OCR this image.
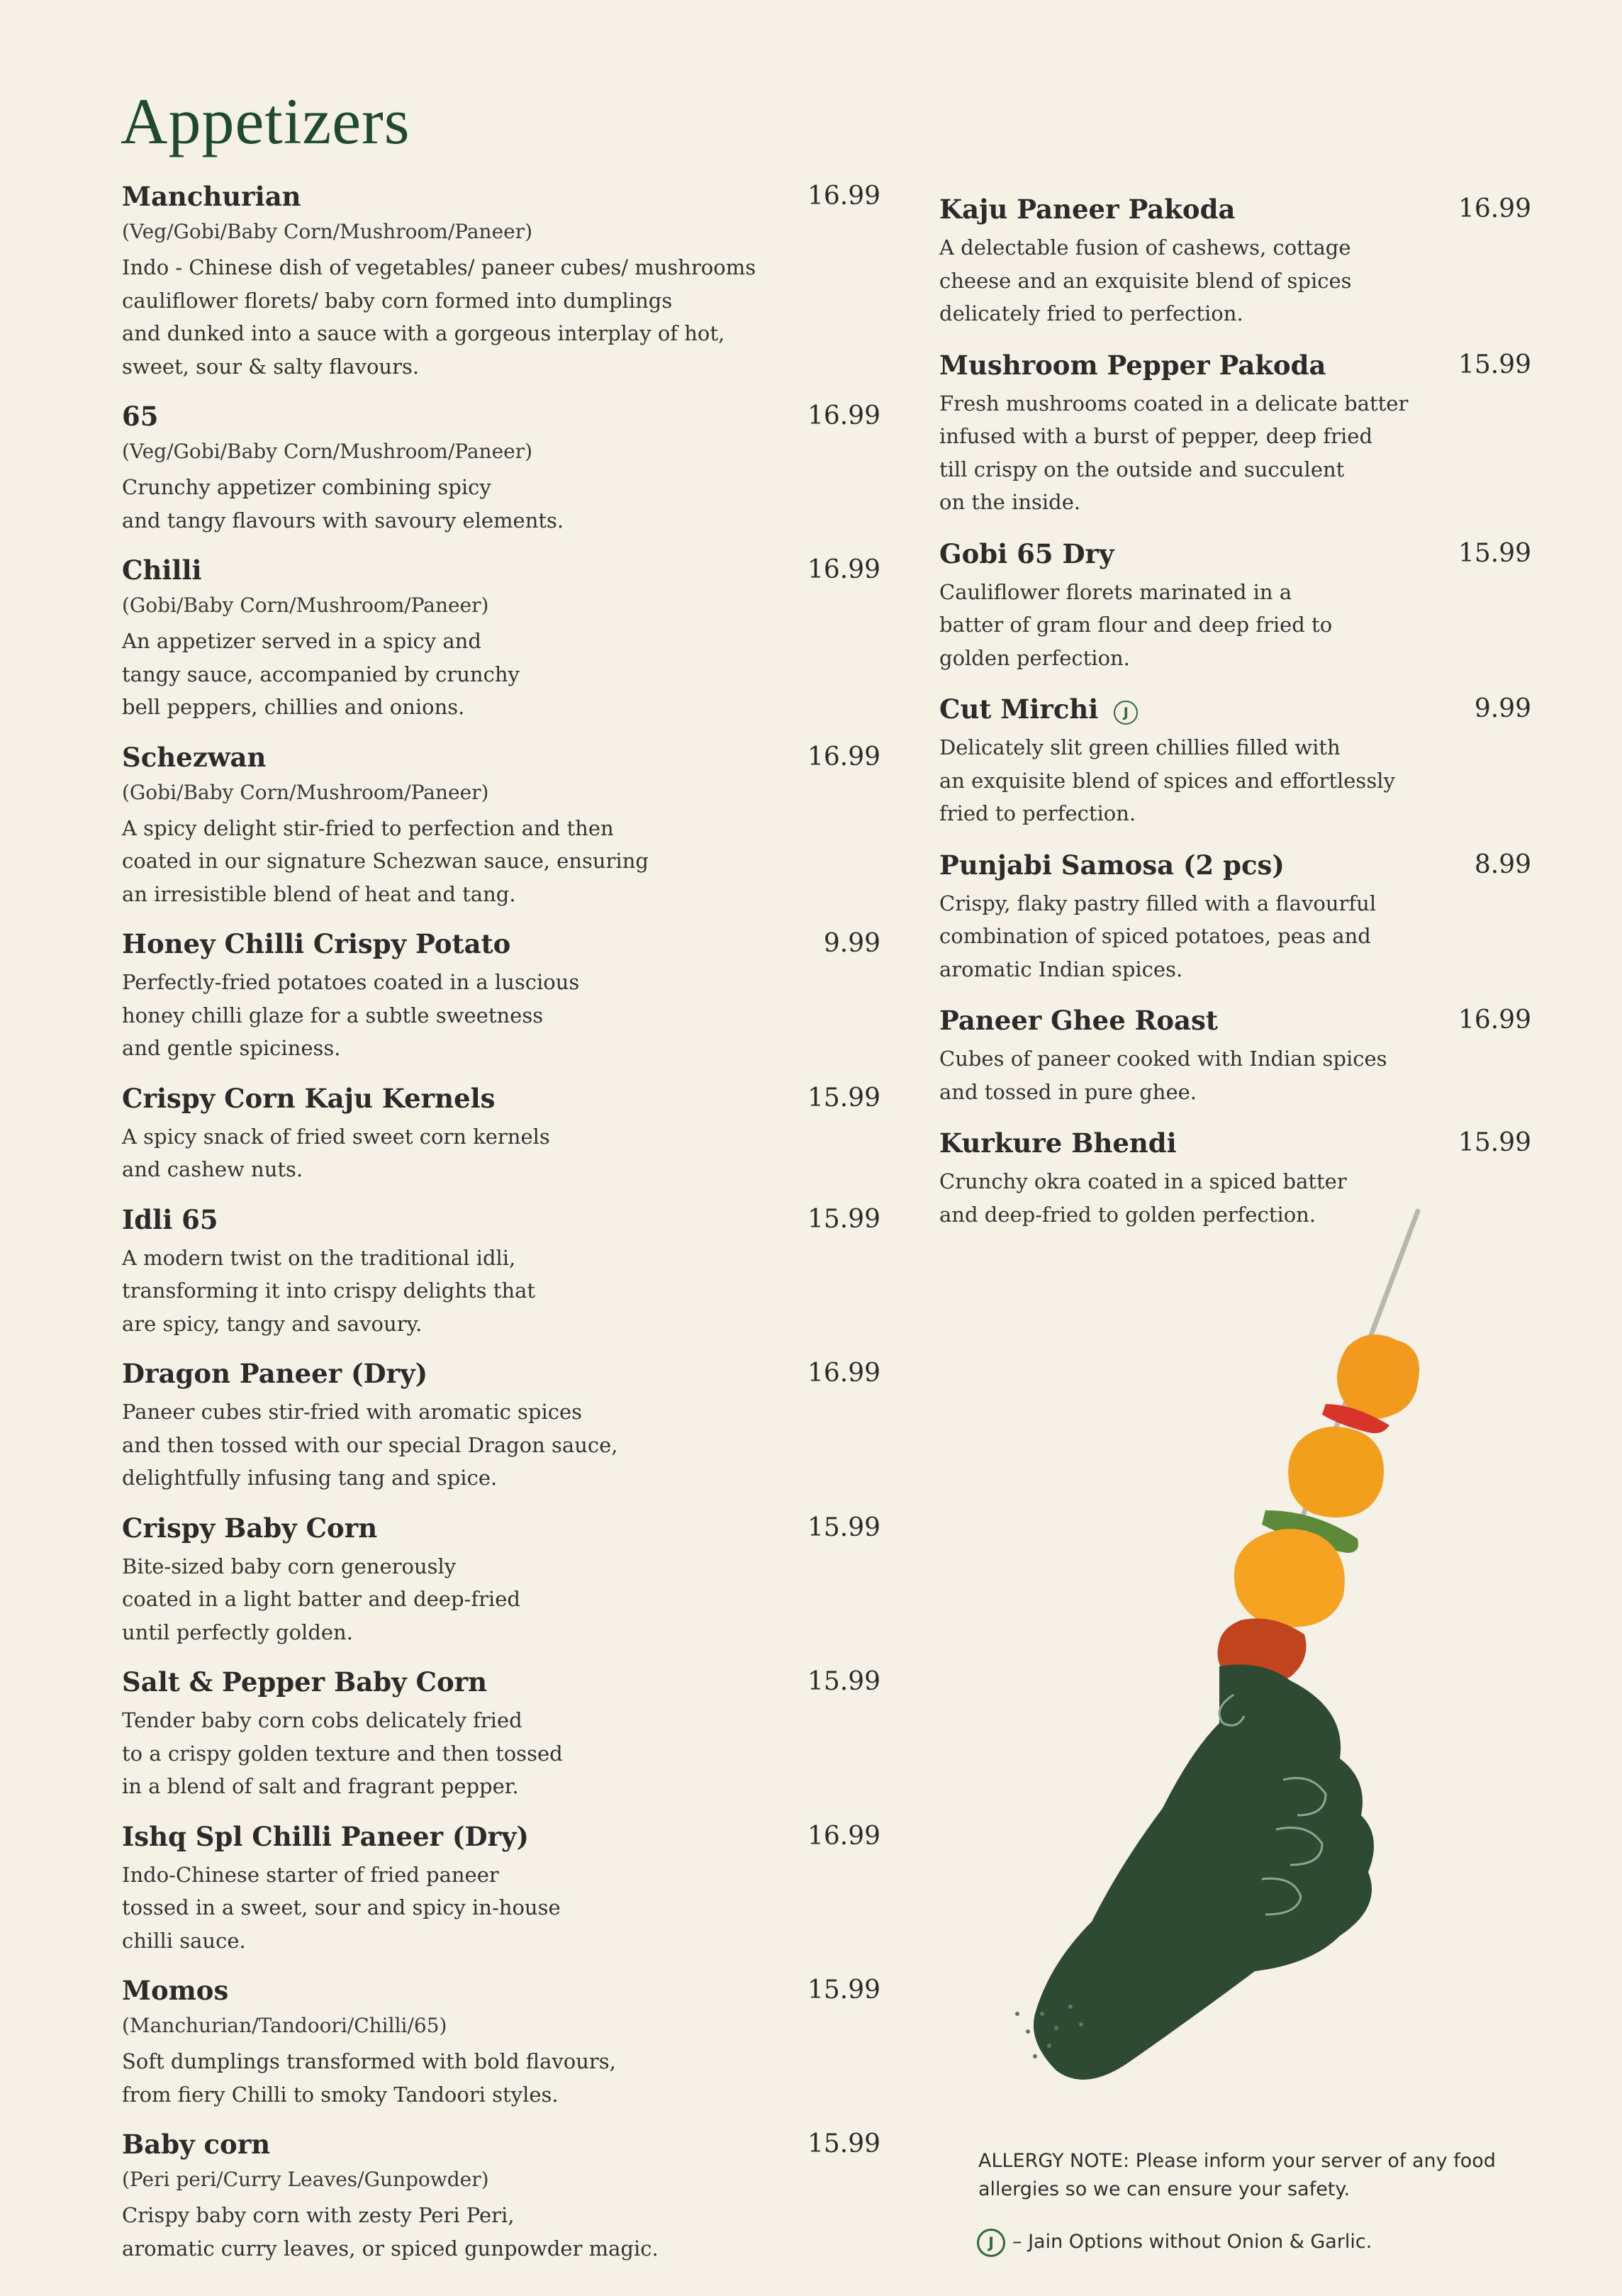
Appetizers
Manchurian	16.99
(Veg/Gobi/Baby Corn/Mushroom/Paneer)
Indo - Chinese dish of vegetables/ paneer cubes/ mushrooms
cauliflower florets/ baby corn formed into dumplings
and dunked into a sauce with a gorgeous interplay of hot,
sweet, sour & salty flavours.
65	16.99
(Veg/Gobi/Baby Corn/Mushroom/Paneer)
Crunchy appetizer combining spicy
and tangy flavours with savoury elements.
Chilli	16.99
(Gobi/Baby Corn/Mushroom/Paneer)
An appetizer served in a spicy and
tangy sauce, accompanied by crunchy
bell peppers, chillies and onions.
Schezwan	16.99
(Gobi/Baby Corn/Mushroom/Paneer)
A spicy delight stir-fried to perfection and then
coated in our signature Schezwan sauce, ensuring
an irresistible blend of heat and tang.
Honey Chilli Crispy Potato	9.99
Perfectly-fried potatoes coated in a luscious
honey chilli glaze for a subtle sweetness
and gentle spiciness.
Crispy Corn Kaju Kernels	15.99
A spicy snack of fried sweet corn kernels
and cashew nuts.
Idli 65	15.99
A modern twist on the traditional idli,
transforming it into crispy delights that
are spicy, tangy and savoury.
Dragon Paneer (Dry)	16.99
Paneer cubes stir-fried with aromatic spices
and then tossed with our special Dragon sauce,
delightfully infusing tang and spice.
Crispy Baby Corn	15.99
Bite-sized baby corn generously
coated in a light batter and deep-fried
until perfectly golden.
Salt & Pepper Baby Corn	15.99
Tender baby corn cobs delicately fried
to a crispy golden texture and then tossed
in a blend of salt and fragrant pepper.
Ishq Spl Chilli Paneer (Dry)	16.99
Indo-Chinese starter of fried paneer
tossed in a sweet, sour and spicy in-house
chilli sauce.
Momos	15.99
(Manchurian/Tandoori/Chilli/65)
Soft dumplings transformed with bold flavours,
from fiery Chilli to smoky Tandoori styles.
Baby corn	15.99
(Peri peri/Curry Leaves/Gunpowder)
Crispy baby corn with zesty Peri Peri,
aromatic curry leaves, or spiced gunpowder magic.
Kaju Paneer Pakoda	16.99
A delectable fusion of cashews, cottage
cheese and an exquisite blend of spices
delicately fried to perfection.
Mushroom Pepper Pakoda	15.99
Fresh mushrooms coated in a delicate batter
infused with a burst of pepper, deep fried
till crispy on the outside and succulent
on the inside.
Gobi 65 Dry	15.99
Cauliflower florets marinated in a
batter of gram flour and deep fried to
golden perfection.
Cut Mirchi J	9.99
Delicately slit green chillies filled with
an exquisite blend of spices and effortlessly
fried to perfection.
Punjabi Samosa (2 pcs)	8.99
Crispy, flaky pastry filled with a flavourful
combination of spiced potatoes, peas and
aromatic Indian spices.
Paneer Ghee Roast	16.99
Cubes of paneer cooked with Indian spices
and tossed in pure ghee.
Kurkure Bhendi	15.99
Crunchy okra coated in a spiced batter
and deep-fried to golden perfection.
ALLERGY NOTE: Please inform your server of any food
allergies so we can ensure your safety.
J – Jain Options without Onion & Garlic.
